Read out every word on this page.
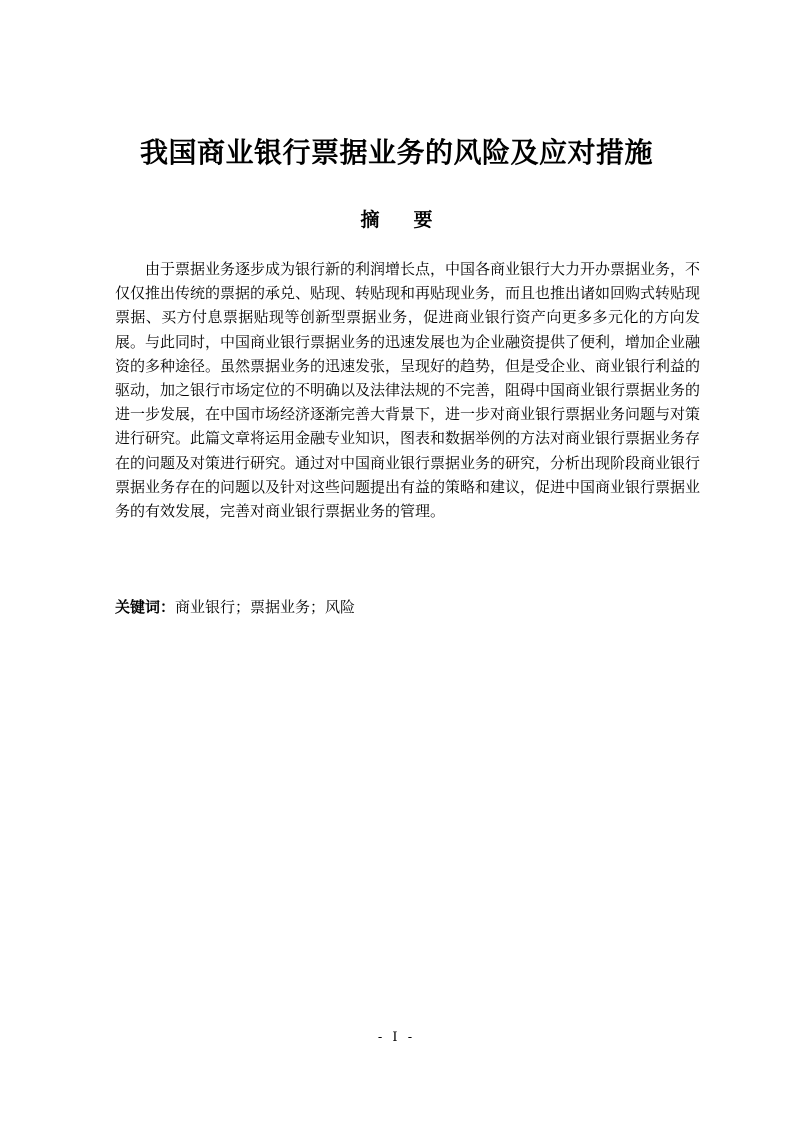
我国商业银行票据业务的风险及应对措施
摘要

由于票据业务逐步成为银行新的利润增长点，中国各商业银行大力开办票据业务，不仅仅推出传统的票据的承兑、贴现、转贴现和再贴现业务，而且也推出诸如回购式转贴现票据、买方付息票据贴现等创新型票据业务，促进商业银行资产向更多多元化的方向发展。与此同时，中国商业银行票据业务的迅速发展也为企业融资提供了便利，增加企业融资的多种途径。虽然票据业务的迅速发张，呈现好的趋势，但是受企业、商业银行利益的驱动，加之银行市场定位的不明确以及法律法规的不完善，阻碍中国商业银行票据业务的进一步发展，在中国市场经济逐渐完善大背景下，进一步对商业银行票据业务问题与对策进行研究。此篇文章将运用金融专业知识，图表和数据举例的方法对商业银行票据业务存在的问题及对策进行研究。通过对中国商业银行票据业务的研究，分析出现阶段商业银行票据业务存在的问题以及针对这些问题提出有益的策略和建议，促进中国商业银行票据业务的有效发展，完善对商业银行票据业务的管理。

关键词：商业银行；票据业务；风险
- I -
